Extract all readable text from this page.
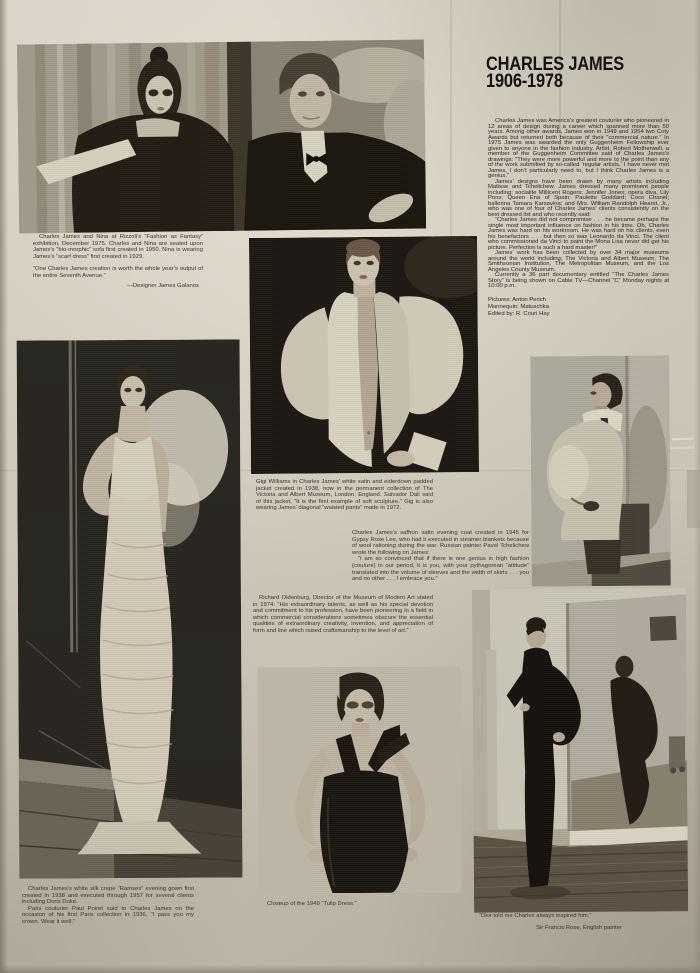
Charles James and Nina at Rizzoli’s “Fashion as Fantasy” exhibition, December 1975. Charles and Nina are seated upon James’s “bio-morphic” sofa first created in 1950. Nina is wearing James’s “scarf dress” first created in 1929.

“One Charles James creation is worth the whole year’s output of the entire Seventh Avenue.”

—Designer James Galanos

CHARLES JAMES
1906-1978

Charles James was America’s greatest couturier who pioneered in 12 areas of design during a career which spanned more than 50 years. Among other awards, James won in 1949 and 1954 two Coty Awards but returned both because of their “commercial nature.” In 1975 James was awarded the only Guggenheim Fellowship ever given to anyone in the fashion industry. Artist, Robert Motherwell, a member of the Guggenheim Committee said of Charles James’s drawings: “They were more powerful and more to the point than any of the work submitted by so-called ‘regular artists.’ I have never met James, I don’t particularly need to, but I think Charles James is a genius.”

James’ designs have been drawn by many artists including Matisse and Tchelichew. James dressed many prominent people including: socialite Millicent Rogers; Jennifer Jones; opera diva, Lily Pons; Queen Ena of Spain; Paulette Goddard; Coco Chanel; ballerina Tamara Karsavina; and Mrs. William Randolph Hearst, Jr., who was one of four of Charles James’ clients consistently on the best dressed list and who recently said:

“Charles James did not compromise . . . he became perhaps the single most important influence on fashion in his time. Oh, Charles James was hard on his workroom. He was hard on his clients, even his benefactors . . . but then so was Leonardo da Vinci. The client who commissioned da Vinci to paint the Mona Lisa never did get his picture. Perfection is such a hard master!”

James’ work has been collected by over 34 major museums around the world including; The Victoria and Albert Museum, The Smithsonian Institution, The Metropolitan Museum, and the Los Angeles County Museum.

Currently a 36 part documentary entitled “The Charles James Story” is being shown on Cable TV—Channel “C” Monday nights at 10:00 p.m.

Pictures: Anton Perich
Mannequin: Matuschka
Edited by: R. Couri Hay

Gigi Williams in Charles James’ white satin and eiderdown padded jacket created in 1938, now in the permanent collection of The Victoria and Albert Museum, London, England. Salvador Dali said of this jacket, “It is the first example of soft sculpture.” Gig is also wearing James’ diagonal “waisted pants” made in 1972.

Charles James’s saffron satin evening coat created in 1945 for Gypsy Rose Lee, who had it executed in steamer blankets because of wool rationing during the war. Russian painter Pavel Tchelichew wrote the following on James:

“I am so convinced that if there is one genius in high fashion (couture) in our period, it is you, with your pythagorean “attitude” translated into the volume of sleeves and the width of skirts . . . you and no other . . . I embrace you.”

Richard Oldenburg, Director of the Museum of Modern Art stated in 1974: “His extraordinary talents, as well as his special devotion and commitment to his profession, have been pioneering in a field in which commercial considerations sometimes obscure the essential qualities of extraordinary creativity, invention, and appreciation of form and line which raised craftsmanship to the level of art.”

Charles James’s white silk crepe “Ramses” evening gown first created in 1938 and executed through 1957 for several clients including Doris Duke.

Paris couturier Paul Poiret said to Charles James on the occasion of his first Paris collection in 1936, “I pass you my crown. Wear it well.”

Closeup of the 1949 “Tulip Dress.”

“Dior told me Charles always inspired him.”

Sir Francis Rose, English painter
